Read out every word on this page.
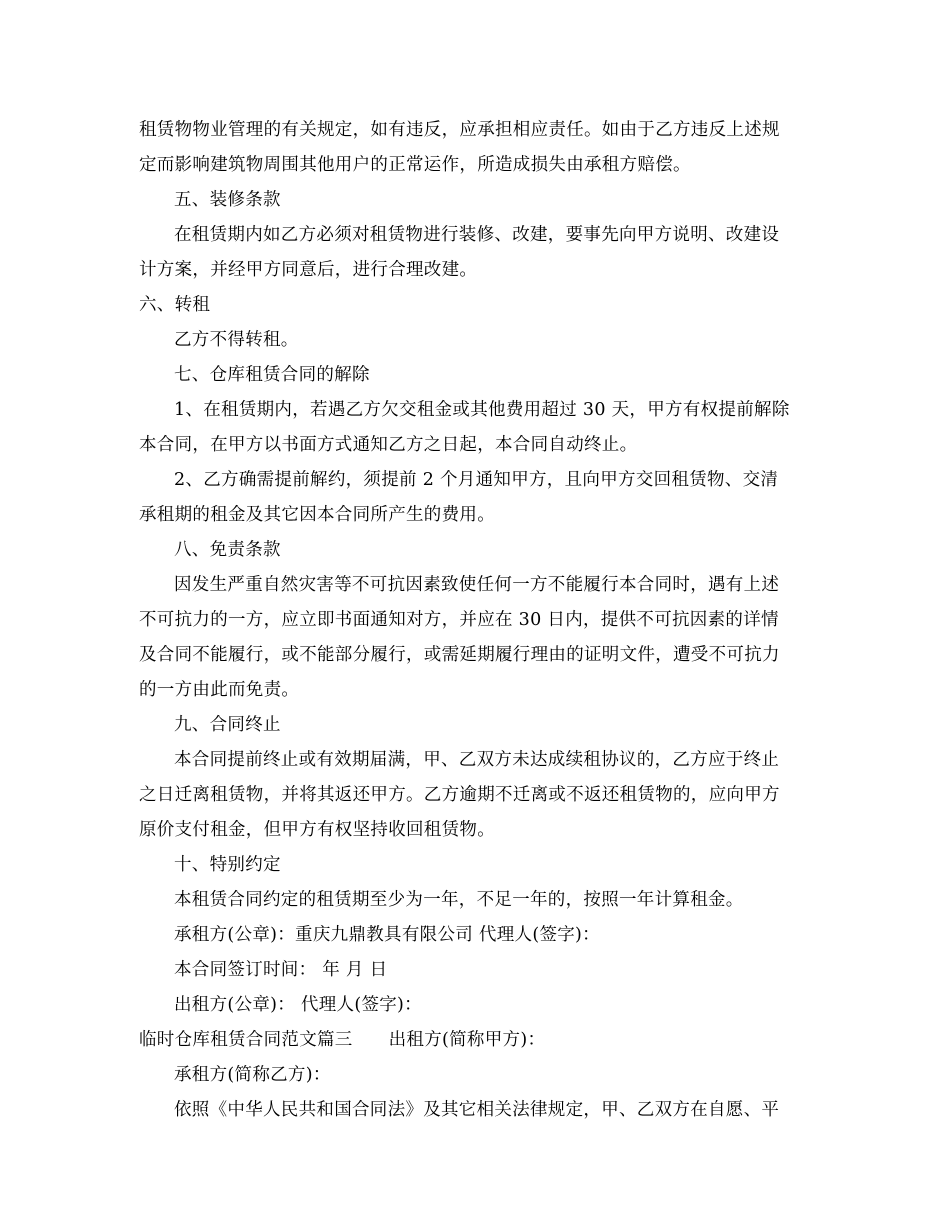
租赁物物业管理的有关规定，如有违反，应承担相应责任。如由于乙方违反上述规
定而影响建筑物周围其他用户的正常运作，所造成损失由承租方赔偿。
五、装修条款
在租赁期内如乙方必须对租赁物进行装修、改建，要事先向甲方说明、改建设
计方案，并经甲方同意后，进行合理改建。
六、转租
乙方不得转租。
七、仓库租赁合同的解除
1、在租赁期内，若遇乙方欠交租金或其他费用超过 30 天，甲方有权提前解除
本合同，在甲方以书面方式通知乙方之日起，本合同自动终止。
2、乙方确需提前解约，须提前 2 个月通知甲方，且向甲方交回租赁物、交清
承租期的租金及其它因本合同所产生的费用。
八、免责条款
因发生严重自然灾害等不可抗因素致使任何一方不能履行本合同时，遇有上述
不可抗力的一方，应立即书面通知对方，并应在 30 日内，提供不可抗因素的详情
及合同不能履行，或不能部分履行，或需延期履行理由的证明文件，遭受不可抗力
的一方由此而免责。
九、合同终止
本合同提前终止或有效期届满，甲、乙双方未达成续租协议的，乙方应于终止
之日迁离租赁物，并将其返还甲方。乙方逾期不迁离或不返还租赁物的，应向甲方
原价支付租金，但甲方有权坚持收回租赁物。
十、特别约定
本租赁合同约定的租赁期至少为一年，不足一年的，按照一年计算租金。
承租方(公章)：重庆九鼎教具有限公司 代理人(签字)：
本合同签订时间： 年 月 日
出租方(公章)： 代理人(签字)：
临时仓库租赁合同范文篇三 出租方(简称甲方)：
承租方(简称乙方)：
依照《中华人民共和国合同法》及其它相关法律规定，甲、乙双方在自愿、平
